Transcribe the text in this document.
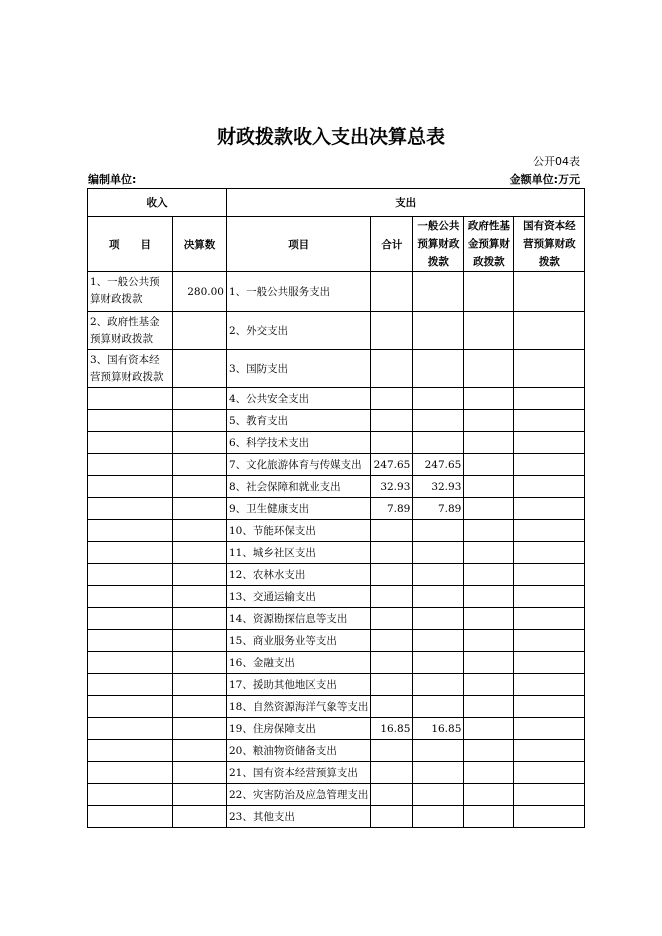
财政拨款收入支出决算总表
公开04表
编制单位:	金额单位:万元
收入		支出				
项　　目	决算数	项目	合计	一般公共预算财政拨款	政府性基金预算财政拨款	国有资本经营预算财政拨款
1、一般公共预算财政拨款	280.00	1、一般公共服务支出				
2、政府性基金预算财政拨款		2、外交支出				
3、国有资本经营预算财政拨款		3、国防支出				
		4、公共安全支出				
		5、教育支出				
		6、科学技术支出				
		7、文化旅游体育与传媒支出	247.65	247.65		
		8、社会保障和就业支出	32.93	32.93		
		9、卫生健康支出	7.89	7.89		
		10、节能环保支出				
		11、城乡社区支出				
		12、农林水支出				
		13、交通运输支出				
		14、资源勘探信息等支出				
		15、商业服务业等支出				
		16、金融支出				
		17、援助其他地区支出				
		18、自然资源海洋气象等支出				
		19、住房保障支出	16.85	16.85		
		20、粮油物资储备支出				
		21、国有资本经营预算支出				
		22、灾害防治及应急管理支出				
		23、其他支出				
